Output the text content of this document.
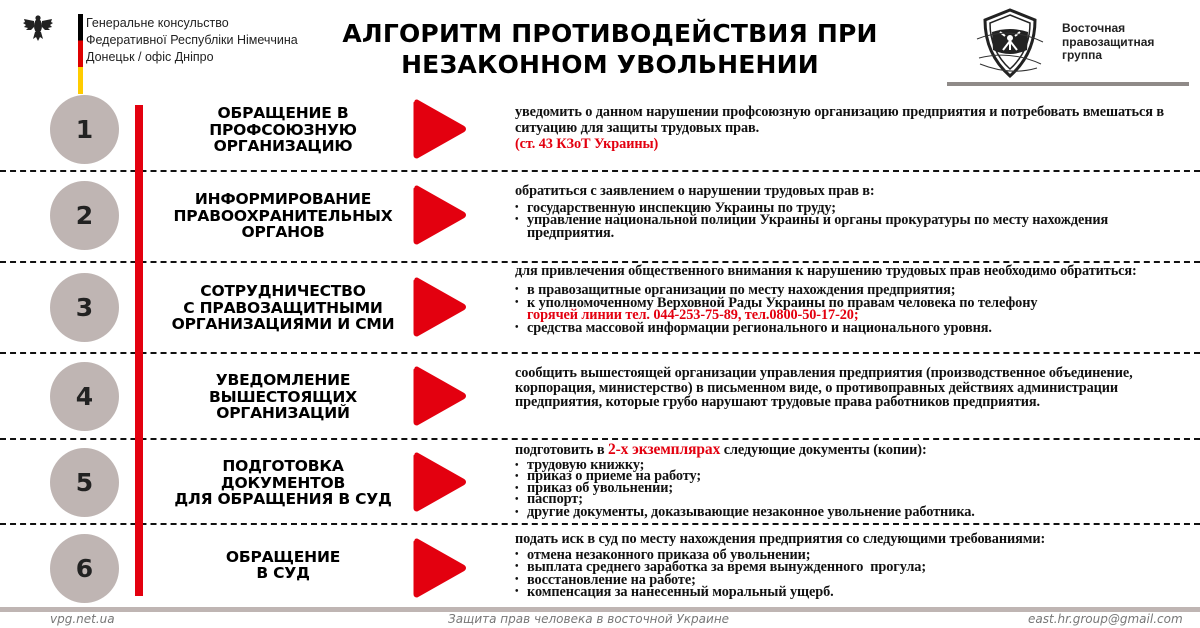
Генеральне консульство
Федеративної Республіки Німеччина
Донецьк / офіс Дніпро
АЛГОРИТМ ПРОТИВОДЕЙСТВИЯ ПРИ
НЕЗАКОННОМ УВОЛЬНЕНИИ
Восточная
правозащитная
группа
1
ОБРАЩЕНИЕ В
ПРОФСОЮЗНУЮ
ОРГАНИЗАЦИЮ
уведомить о данном нарушении профсоюзную организацию предприятия и потребовать вмешаться в ситуацию для защиты трудовых прав.
(ст. 43 КЗоТ Украины)
2
ИНФОРМИРОВАНИЕ
ПРАВООХРАНИТЕЛЬНЫХ
ОРГАНОВ
обратиться с заявлением о нарушении трудовых прав в:
• государственную инспекцию Украины по труду;
• управление национальной полиции Украины и органы прокуратуры по месту нахождения предприятия.
3
СОТРУДНИЧЕСТВО
С ПРАВОЗАЩИТНЫМИ
ОРГАНИЗАЦИЯМИ И СМИ
для привлечения общественного внимания к нарушению трудовых прав необходимо обратиться:
• в правозащитные организации по месту нахождения предприятия;
• к уполномоченному Верховной Рады Украины по правам человека по телефону
горячей линии тел. 044-253-75-89, тел.0800-50-17-20;
• средства массовой информации регионального и национального уровня.
4
УВЕДОМЛЕНИЕ
ВЫШЕСТОЯЩИХ
ОРГАНИЗАЦИЙ
сообщить вышестоящей организации управления предприятия (производственное объединение, корпорация, министерство) в письменном виде, о противоправных действиях администрации предприятия, которые грубо нарушают трудовые права работников предприятия.
5
ПОДГОТОВКА
ДОКУМЕНТОВ
ДЛЯ ОБРАЩЕНИЯ В СУД
подготовить в 2-х экземплярах следующие документы (копии):
• трудовую книжку;
• приказ о приеме на работу;
• приказ об увольнении;
• паспорт;
• другие документы, доказывающие незаконное увольнение работника.
6	ОБРАЩЕНИЕ
В СУД
подать иск в суд по месту нахождения предприятия со следующими требованиями:
• отмена незаконного приказа об увольнении;
• выплата среднего заработка за время вынужденного  прогула;
• восстановление на работе;
• компенсация за нанесенный моральный ущерб.
vpg.net.ua	Защита прав человека в восточной Украине	east.hr.group@gmail.com
